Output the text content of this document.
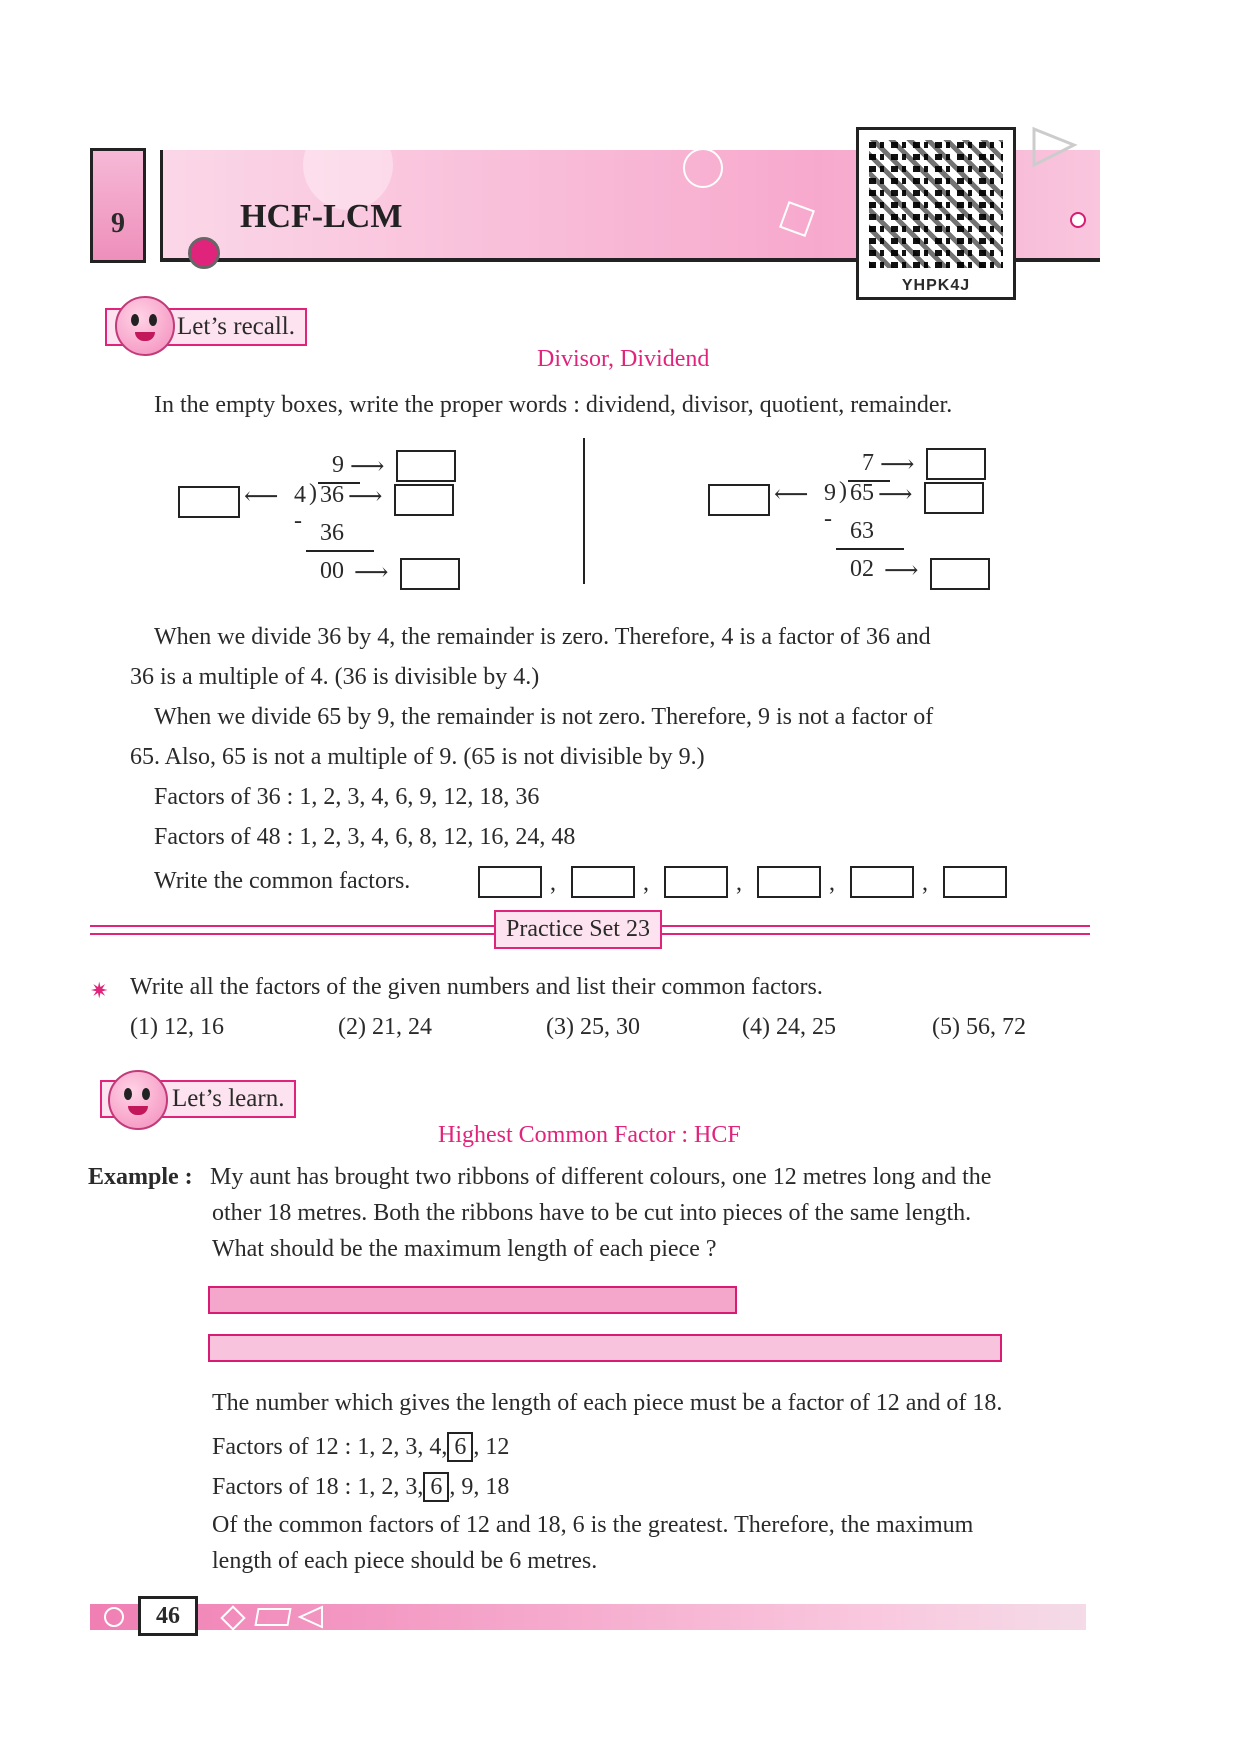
9	HCF-LCM
YHPK4J
Let’s recall.
Divisor, Dividend
In the empty boxes, write the proper words : dividend, divisor, quotient, remainder.
9 ⟶
⟵ 4 ) 36 ⟶
- 36
00 ⟶
7 ⟶
⟵ 9 ) 65 ⟶
- 63
02 ⟶
When we divide 36 by 4, the remainder is zero. Therefore, 4 is a factor of 36 and
36 is a multiple of 4. (36 is divisible by 4.)
When we divide 65 by 9, the remainder is not zero. Therefore, 9 is not a factor of
65. Also, 65 is not a multiple of 9. (65 is not divisible by 9.)
Factors of 36 : 1, 2, 3, 4, 6, 9, 12, 18, 36
Factors of 48 : 1, 2, 3, 4, 6, 8, 12, 16, 24, 48
Write the common factors.	,	,	,	,	,
Practice Set 23
✷ Write all the factors of the given numbers and list their common factors.
(1) 12, 16	(2) 21, 24	(3) 25, 30	(4) 24, 25	(5) 56, 72
Let’s learn.
Highest Common Factor : HCF
Example : My aunt has brought two ribbons of different colours, one 12 metres long and the
other 18 metres. Both the ribbons have to be cut into pieces of the same length.
What should be the maximum length of each piece ?
The number which gives the length of each piece must be a factor of 12 and of 18.
Factors of 12 : 1, 2, 3, 4, 6 , 12
Factors of 18 : 1, 2, 3, 6 , 9, 18
Of the common factors of 12 and 18, 6 is the greatest. Therefore, the maximum
length of each piece should be 6 metres.
46
